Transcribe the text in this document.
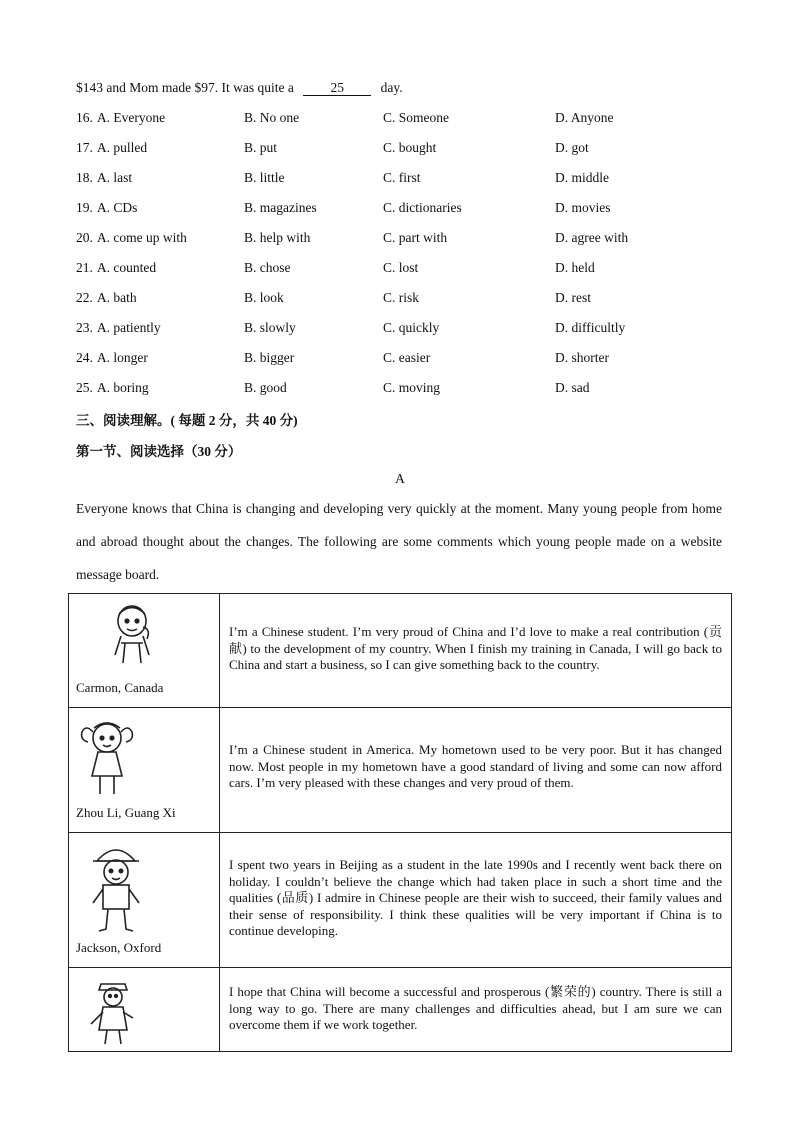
$143 and Mom made $97. It was quite a	25	day.
16. A. Everyone	B. No one	C. Someone	D. Anyone
17. A. pulled	B. put	C. bought	D. got
18. A. last	B. little	C. first	D. middle
19. A. CDs	B. magazines	C. dictionaries	D. movies
20. A. come up with	B. help with	C. part with	D. agree with
21. A. counted	B. chose	C. lost	D. held
22. A. bath	B. look	C. risk	D. rest
23. A. patiently	B. slowly	C. quickly	D. difficultly
24. A. longer	B. bigger	C. easier	D. shorter
25. A. boring	B. good	C. moving	D. sad
三、阅读理解。( 每题 2 分，共 40 分)
第一节、阅读选择（30 分）
A
Everyone knows that China is changing and developing very quickly at the moment. Many young people from home and abroad thought about the changes. The following are some comments which young people made on a website message board.
Carmon, Canada	I’m a Chinese student. I’m very proud of China and I’d love to make a real contribution (贡献) to the development of my country. When I finish my training in Canada, I will go back to China and start a business, so I can give something back to the country.

Zhou Li, Guang Xi	I’m a Chinese student in America. My hometown used to be very poor. But it has changed now. Most people in my hometown have a good standard of living and some can now afford cars. I’m very pleased with these changes and very proud of them.

Jackson, Oxford	I spent two years in Beijing as a student in the late 1990s and I recently went back there on holiday. I couldn’t believe the change which had taken place in such a short time and the qualities (品质) I admire in Chinese people are their wish to succeed, their family values and their sense of responsibility. I think these qualities will be very important if China is to continue developing.

I hope that China will become a successful and prosperous (繁荣的) country. There is still a long way to go. There are many challenges and difficulties ahead, but I am sure we can overcome them if we work together.
